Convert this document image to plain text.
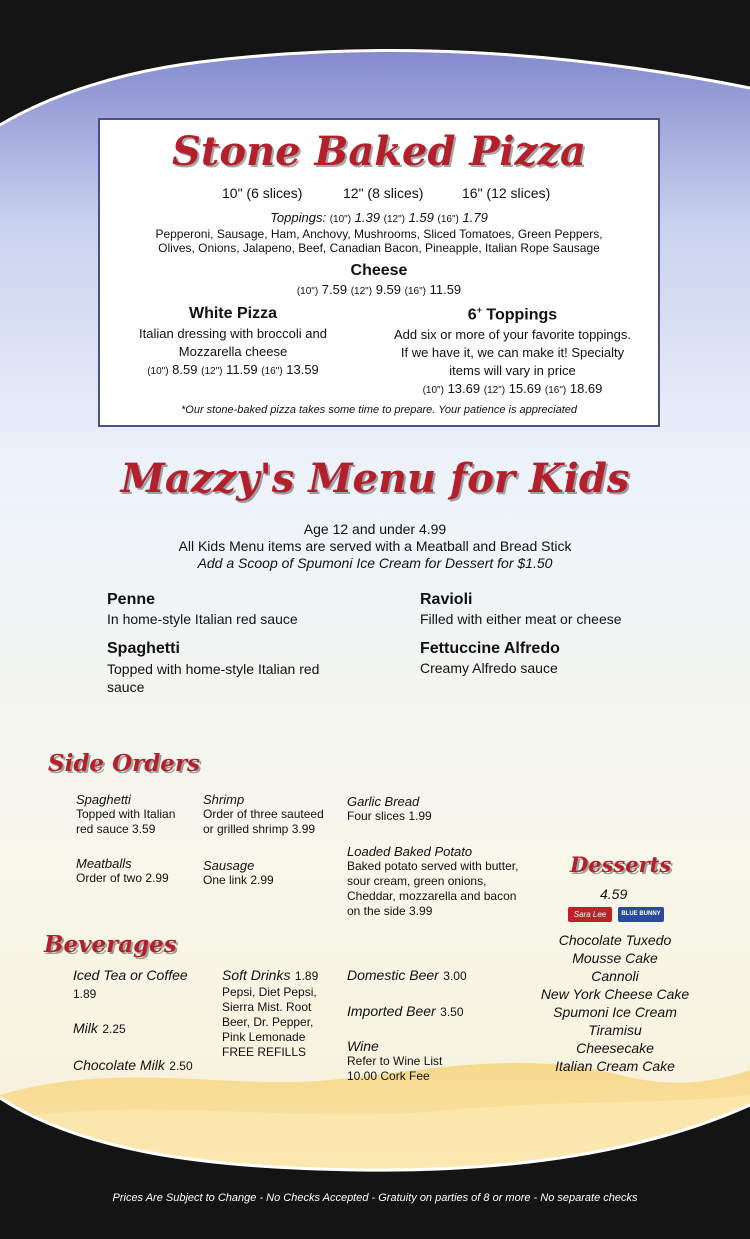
Stone Baked Pizza
10" (6 slices)	12" (8 slices)	16" (12 slices)
Toppings: (10") 1.39 (12") 1.59 (16") 1.79
Pepperoni, Sausage, Ham, Anchovy, Mushrooms, Sliced Tomatoes, Green Peppers,
Olives, Onions, Jalapeno, Beef, Canadian Bacon, Pineapple, Italian Rope Sausage
Cheese
(10") 7.59 (12") 9.59 (16") 11.59
White Pizza
Italian dressing with broccoli and
Mozzarella cheese
(10") 8.59 (12") 11.59 (16") 13.59
6+ Toppings
Add six or more of your favorite toppings.
If we have it, we can make it! Specialty
items will vary in price
(10") 13.69 (12") 15.69 (16") 18.69
*Our stone-baked pizza takes some time to prepare. Your patience is appreciated
Mazzy's Menu for Kids
Age 12 and under 4.99
All Kids Menu items are served with a Meatball and Bread Stick
Add a Scoop of Spumoni Ice Cream for Dessert for $1.50
Penne
In home-style Italian red sauce
Ravioli
Filled with either meat or cheese
Spaghetti
Topped with home-style Italian red
sauce
Fettuccine Alfredo
Creamy Alfredo sauce
Side Orders
Spaghetti
Topped with Italian
red sauce 3.59
Shrimp
Order of three sauteed
or grilled shrimp 3.99
Garlic Bread
Four slices 1.99
Meatballs
Order of two 2.99
Sausage
One link 2.99
Loaded Baked Potato
Baked potato served with butter,
sour cream, green onions,
Cheddar, mozzarella and bacon
on the side 3.99
Beverages
Iced Tea or Coffee
1.89
Milk 2.25
Chocolate Milk 2.50
Soft Drinks 1.89
Pepsi, Diet Pepsi,
Sierra Mist. Root
Beer, Dr. Pepper,
Pink Lemonade
FREE REFILLS
Domestic Beer 3.00
Imported Beer 3.50
Wine
Refer to Wine List
10.00 Cork Fee
Desserts
4.59
Sara Lee	BLUE BUNNY
Chocolate Tuxedo
Mousse Cake
Cannoli
New York Cheese Cake
Spumoni Ice Cream
Tiramisu
Cheesecake
Italian Cream Cake
Prices Are Subject to Change - No Checks Accepted - Gratuity on parties of 8 or more - No separate checks
